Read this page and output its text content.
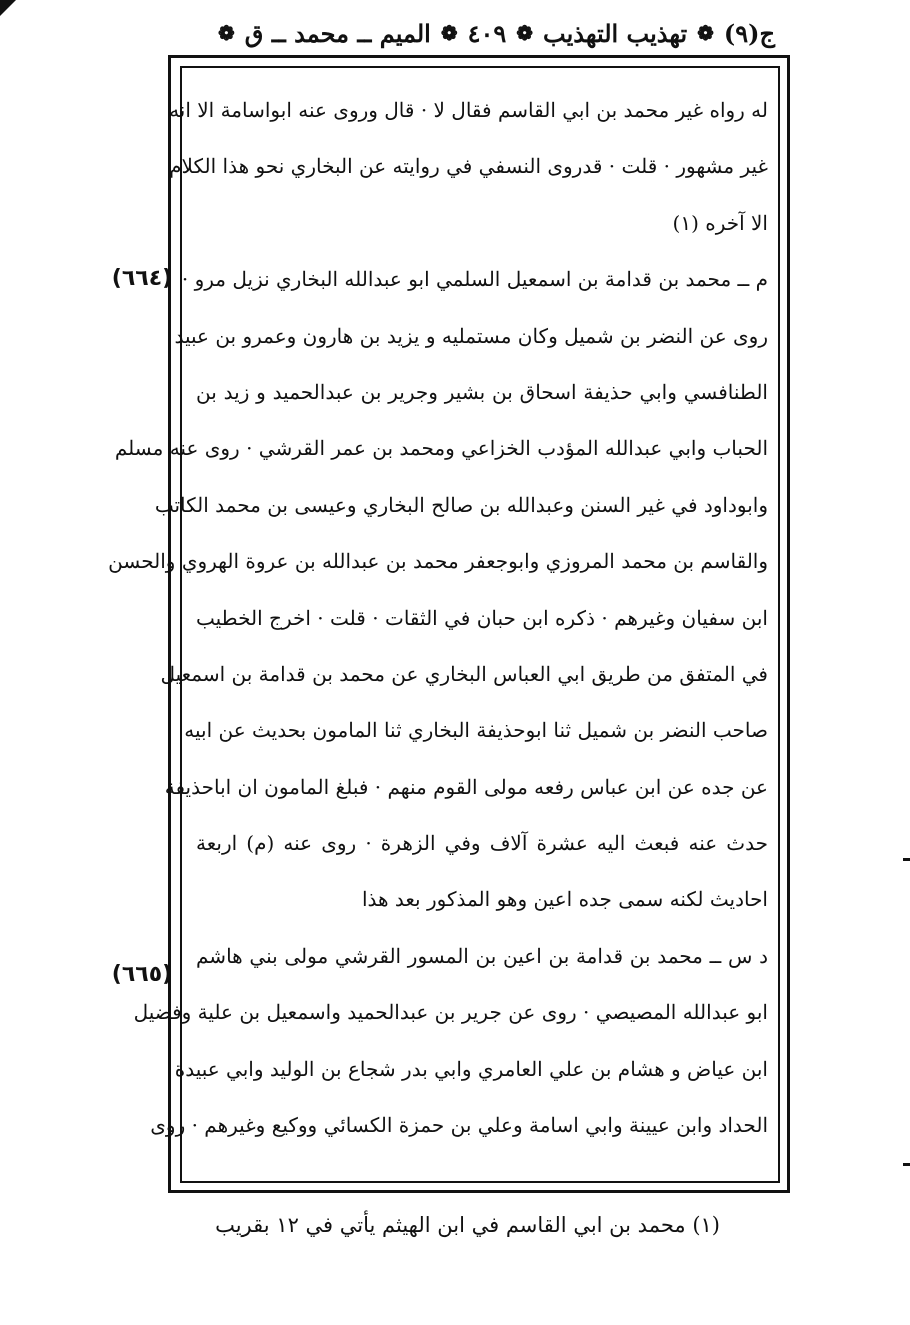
ج(٩)
❁
تهذيب التهذيب
❁
٤٠٩
❁
الميم ــ محمد ــ ق
❁
له رواه غير محمد بن ابي القاسم فقال لا · قال وروى عنه ابواسامة الا انه
غير مشهور · قلت · قدروى النسفي في روايته عن البخاري نحو هذا الكلام
الا آخره (١)
م ــ محمد بن قدامة بن اسمعيل السلمي ابو عبدالله البخاري نزيل مرو ·
روى عن النضر بن شميل وكان مستمليه و يزيد بن هارون وعمرو بن عبيد
الطنافسي وابي حذيفة اسحاق بن بشير وجرير بن عبدالحميد و زيد بن
الحباب وابي عبدالله المؤدب الخزاعي ومحمد بن عمر القرشي · روى عنه مسلم
وابوداود في غير السنن وعبدالله بن صالح البخاري وعيسى بن محمد الكاتب
والقاسم بن محمد المروزي وابوجعفر محمد بن عبدالله بن عروة الهروي والحسن
ابن سفيان وغيرهم · ذكره ابن حبان في الثقات · قلت · اخرج الخطيب
في المتفق من طريق ابي العباس البخاري عن محمد بن قدامة بن اسمعيل
صاحب النضر بن شميل ثنا ابوحذيفة البخاري ثنا المامون بحديث عن ابيه
عن جده عن ابن عباس رفعه مولى القوم منهم · فبلغ المامون ان اباحذيفة
حدث عنه فبعث اليه عشرة آلاف وفي الزهرة · روى عنه (م) اربعة
احاديث لكنه سمى جده اعين وهو المذكور بعد هذا
د س ــ محمد بن قدامة بن اعين بن المسور القرشي مولى بني هاشم
ابو عبدالله المصيصي · روى عن جرير بن عبدالحميد واسمعيل بن علية وفضيل
ابن عياض و هشام بن علي العامري وابي بدر شجاع بن الوليد وابي عبيدة
الحداد وابن عيينة وابي اسامة وعلي بن حمزة الكسائي ووكيع وغيرهم · روى
(٦٦٤)
(٦٦٥)
(١) محمد بن ابي القاسم في ابن الهيثم يأتي في ١٢ بقريب
